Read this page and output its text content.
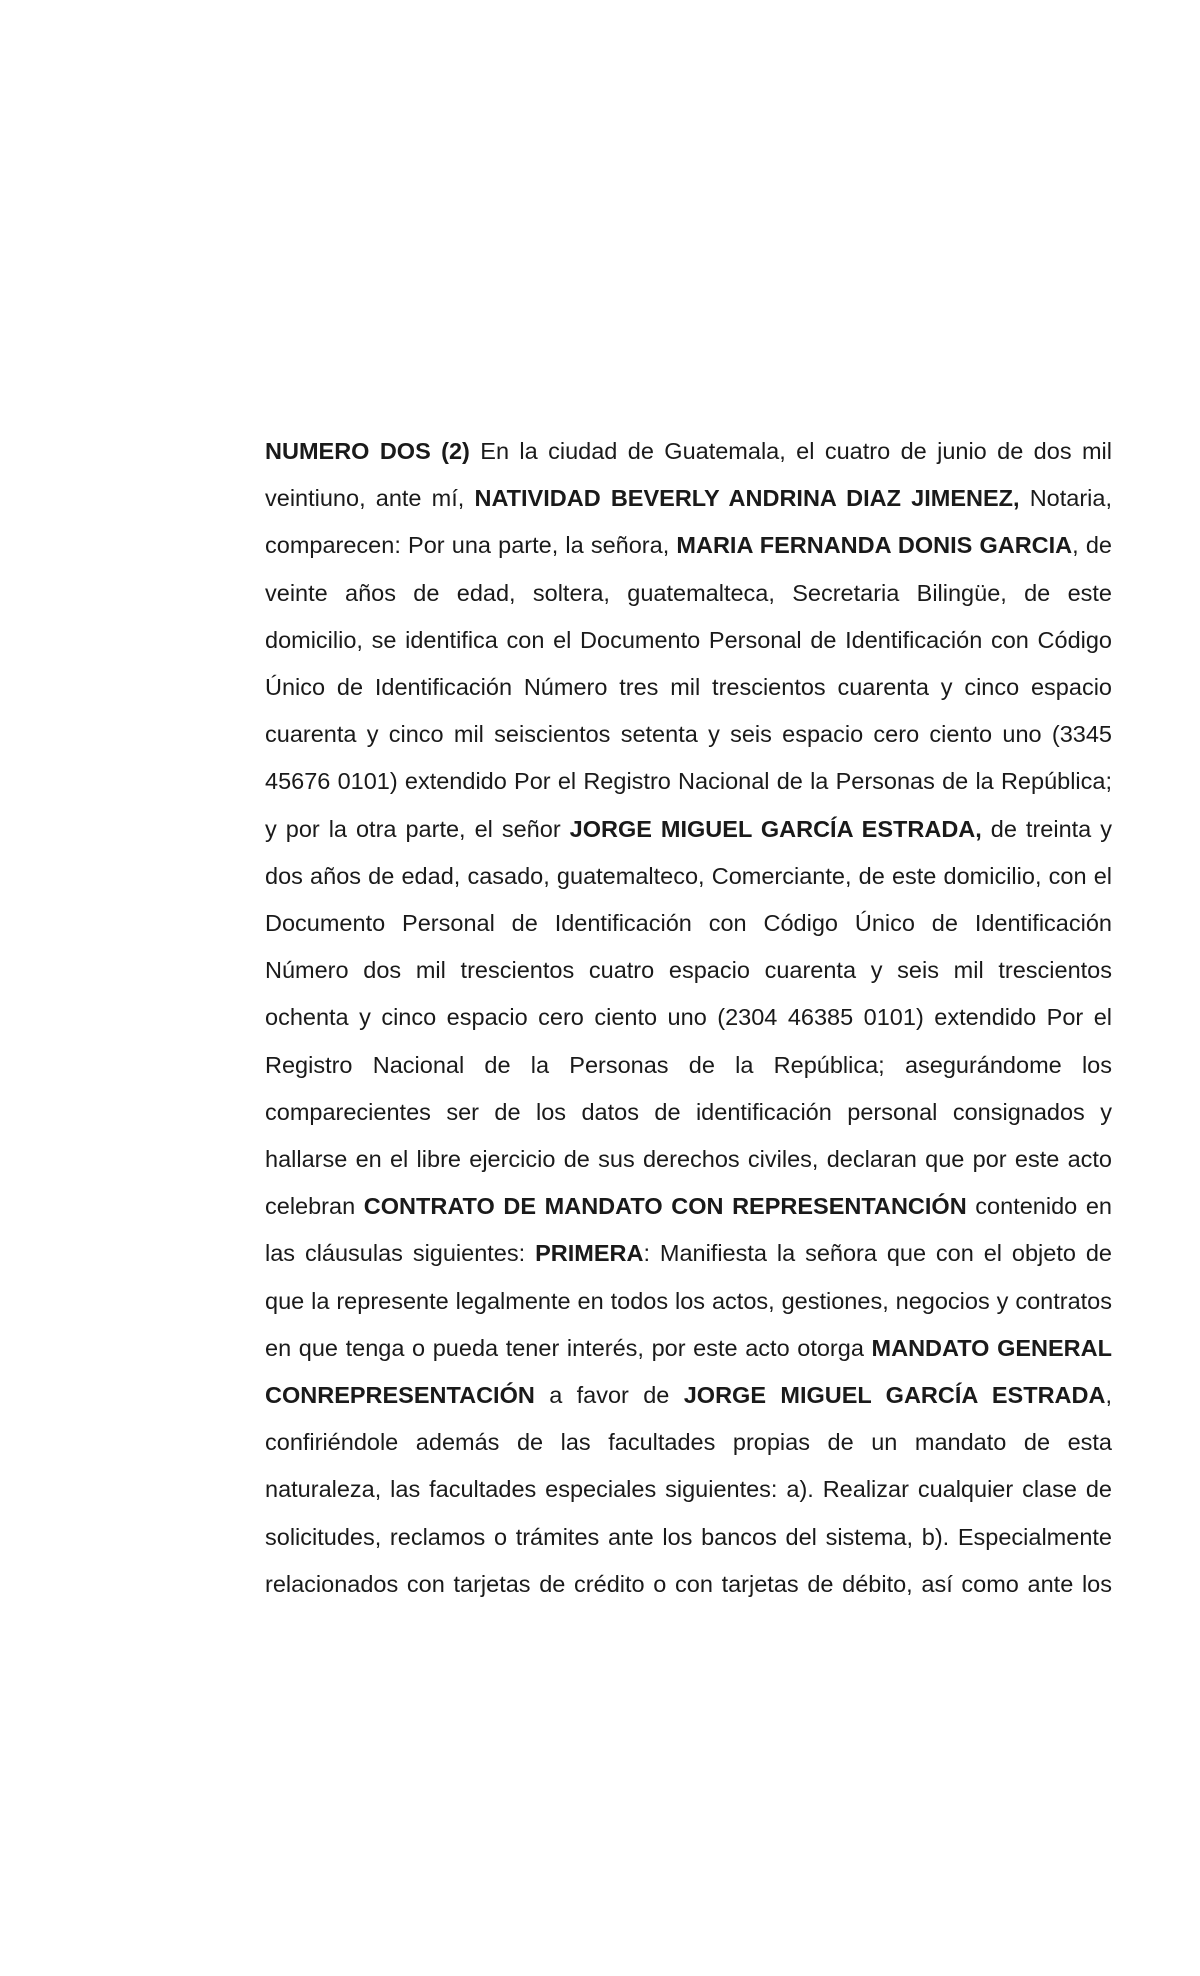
NUMERO DOS (2) En la ciudad de Guatemala, el cuatro de junio de dos mil veintiuno, ante mí, NATIVIDAD BEVERLY ANDRINA DIAZ JIMENEZ, Notaria, comparecen: Por una parte, la señora, MARIA FERNANDA DONIS GARCIA, de veinte años de edad, soltera, guatemalteca, Secretaria Bilingüe, de este domicilio, se identifica con el Documento Personal de Identificación con Código Único de Identificación Número tres mil trescientos cuarenta y cinco espacio cuarenta y cinco mil seiscientos setenta y seis espacio cero ciento uno (3345 45676 0101) extendido Por el Registro Nacional de la Personas de la República; y por la otra parte, el señor JORGE MIGUEL GARCÍA ESTRADA, de treinta y dos años de edad, casado, guatemalteco, Comerciante, de este domicilio, con el Documento Personal de Identificación con Código Único de Identificación Número dos mil trescientos cuatro espacio cuarenta y seis mil trescientos ochenta y cinco espacio cero ciento uno (2304 46385 0101) extendido Por el Registro Nacional de la Personas de la República; asegurándome los comparecientes ser de los datos de identificación personal consignados y hallarse en el libre ejercicio de sus derechos civiles, declaran que por este acto celebran CONTRATO DE MANDATO CON REPRESENTANCIÓN contenido en las cláusulas siguientes: PRIMERA: Manifiesta la señora que con el objeto de que la represente legalmente en todos los actos, gestiones, negocios y contratos en que tenga o pueda tener interés, por este acto otorga MANDATO GENERAL CONREPRESENTACIÓN a favor de JORGE MIGUEL GARCÍA ESTRADA, confiriéndole además de las facultades propias de un mandato de esta naturaleza, las facultades especiales siguientes: a). Realizar cualquier clase de solicitudes, reclamos o trámites ante los bancos del sistema, b). Especialmente relacionados con tarjetas de crédito o con tarjetas de débito, así como ante los
